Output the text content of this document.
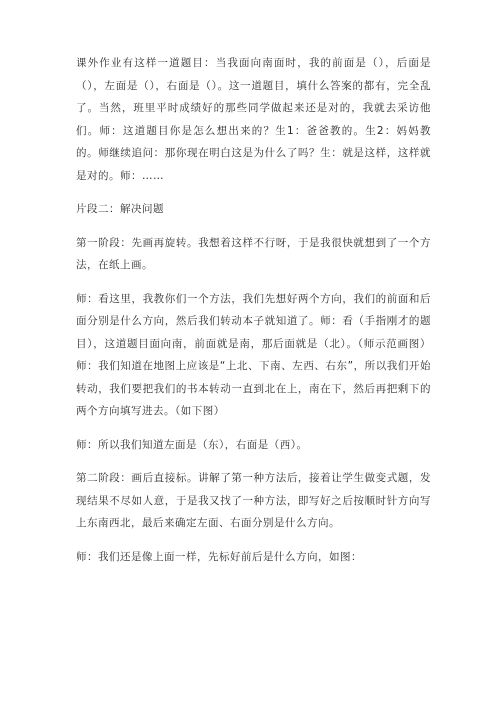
课外作业有这样一道题目：当我面向南面时，我的前面是（），后面是（），左面是（），右面是（）。这一道题目，填什么答案的都有，完全乱了。当然，班里平时成绩好的那些同学做起来还是对的，我就去采访他们。师：这道题目你是怎么想出来的？生1：爸爸教的。生2：妈妈教的。师继续追问：那你现在明白这是为什么了吗？生：就是这样，这样就是对的。师：……

片段二：解决问题

第一阶段：先画再旋转。我想着这样不行呀，于是我很快就想到了一个方法，在纸上画。

师：看这里，我教你们一个方法，我们先想好两个方向，我们的前面和后面分别是什么方向，然后我们转动本子就知道了。师：看（手指刚才的题目），这道题目面向南，前面就是南，那后面就是（北）。（师示范画图）师：我们知道在地图上应该是“上北、下南、左西、右东”，所以我们开始转动，我们要把我们的书本转动一直到北在上，南在下，然后再把剩下的两个方向填写进去。（如下图）

师：所以我们知道左面是（东），右面是（西）。

第二阶段：画后直接标。讲解了第一种方法后，接着让学生做变式题，发现结果不尽如人意，于是我又找了一种方法，即写好之后按顺时针方向写上东南西北，最后来确定左面、右面分别是什么方向。

师：我们还是像上面一样，先标好前后是什么方向，如图：
